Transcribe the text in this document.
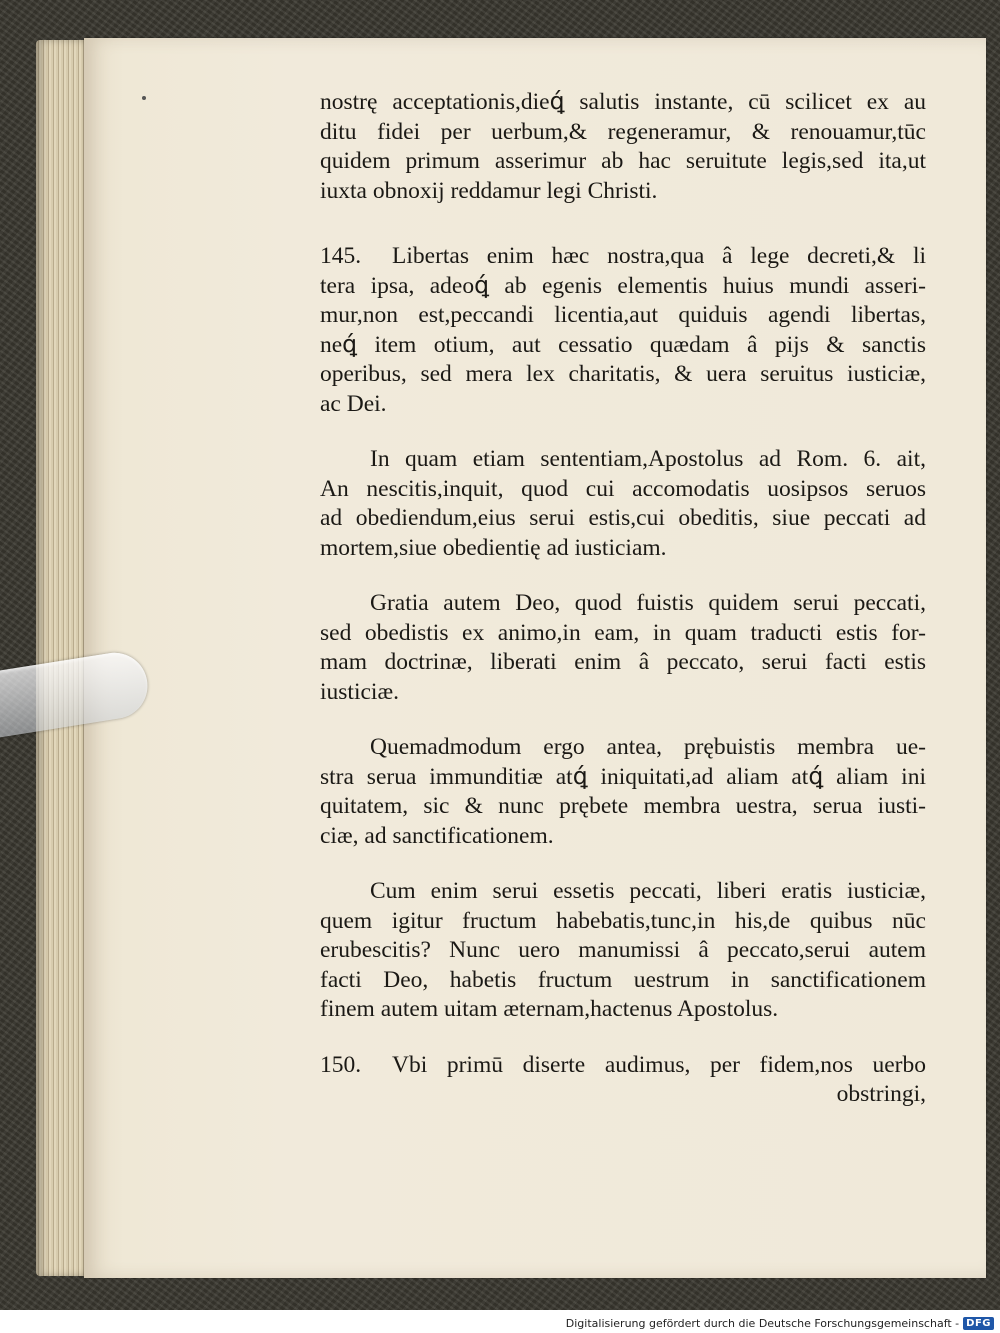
nostrę acceptationis,dieꝗ́ salutis instante, cū scilicet ex au
ditu fidei per uerbum,& regeneramur, & renouamur,tūc
quidem primum asserimur ab hac seruitute legis,sed ita,ut
iuxta obnoxij reddamur legi Christi.
145. Libertas enim hæc nostra,qua â lege decreti,& li
tera ipsa, adeoꝗ́ ab egenis elementis huius mundi asseri-
mur,non est,peccandi licentia,aut quiduis agendi libertas,
neꝗ́ item otium, aut cessatio quædam â pijs & sanctis
operibus, sed mera lex charitatis, & uera seruitus iusticiæ,
ac Dei.
In quam etiam sententiam,Apostolus ad Rom. 6. ait,
An nescitis,inquit, quod cui accomodatis uosipsos seruos
ad obediendum,eius serui estis,cui obeditis, siue peccati ad
mortem,siue obedientię ad iusticiam.
Gratia autem Deo, quod fuistis quidem serui peccati,
sed obedistis ex animo,in eam, in quam traducti estis for-
mam doctrinæ, liberati enim â peccato, serui facti estis
iusticiæ.
Quemadmodum ergo antea, prębuistis membra ue-
stra serua immunditiæ atꝗ́ iniquitati,ad aliam atꝗ́ aliam ini
quitatem, sic & nunc prębete membra uestra, serua iusti-
ciæ, ad sanctificationem.
Cum enim serui essetis peccati, liberi eratis iusticiæ,
quem igitur fructum habebatis,tunc,in his,de quibus nūc
erubescitis? Nunc uero manumissi â peccato,serui autem
facti Deo, habetis fructum uestrum in sanctificationem
finem autem uitam æternam,hactenus Apostolus.
150. Vbi primū diserte audimus, per fidem,nos uerbo
obstringi,
Digitalisierung gefördert durch die Deutsche Forschungsgemeinschaft - DFG
